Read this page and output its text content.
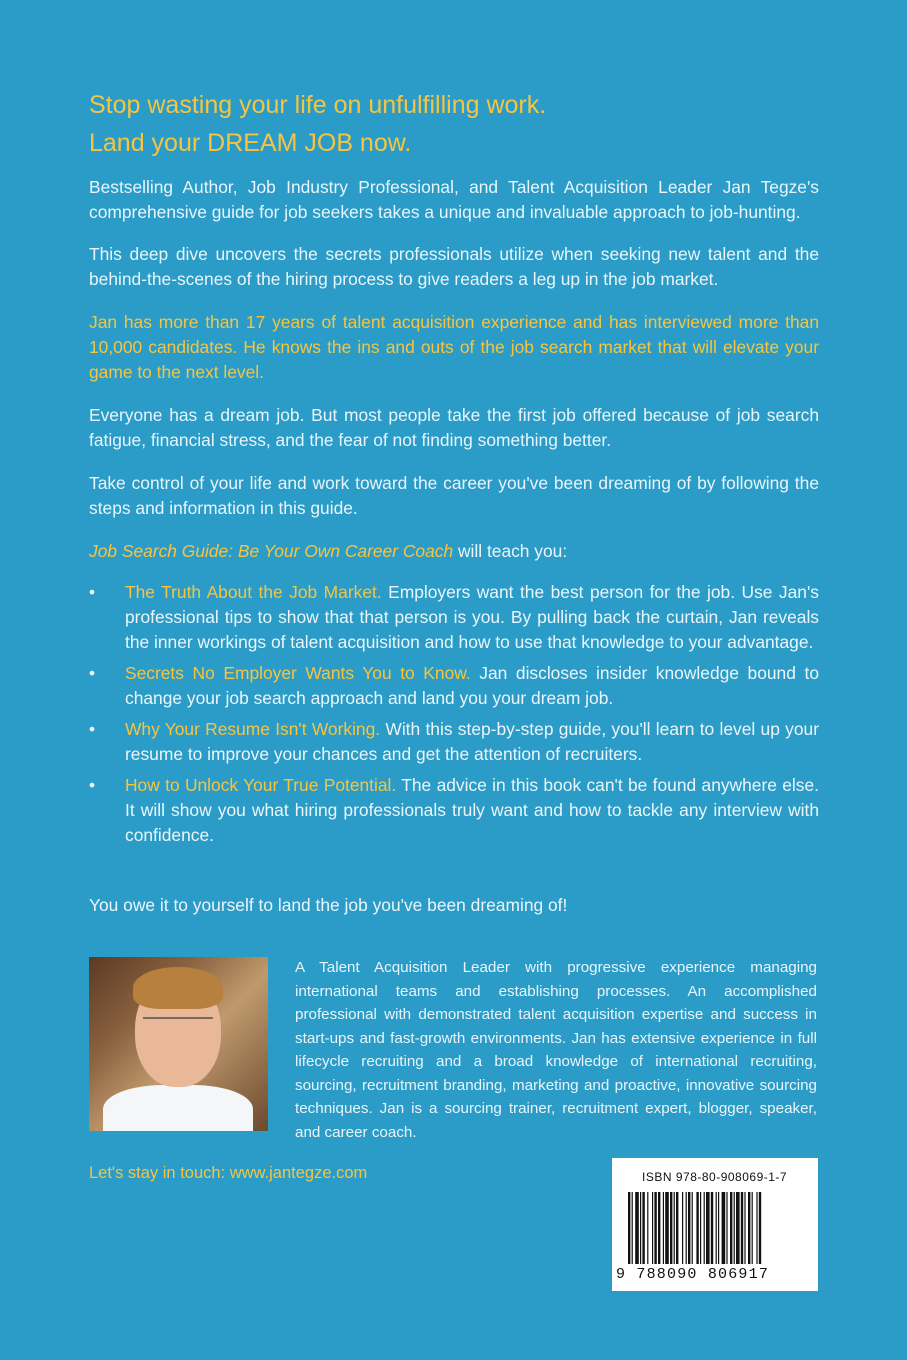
Stop wasting your life on unfulfilling work.
Land your DREAM JOB now.
Bestselling Author, Job Industry Professional, and Talent Acquisition Leader Jan Tegze's comprehensive guide for job seekers takes a unique and invaluable approach to job-hunting.
This deep dive uncovers the secrets professionals utilize when seeking new talent and the behind-the-scenes of the hiring process to give readers a leg up in the job market.
Jan has more than 17 years of talent acquisition experience and has interviewed more than 10,000 candidates. He knows the ins and outs of the job search market that will elevate your game to the next level.
Everyone has a dream job. But most people take the first job offered because of job search fatigue, financial stress, and the fear of not finding something better.
Take control of your life and work toward the career you've been dreaming of by following the steps and information in this guide.
Job Search Guide: Be Your Own Career Coach will teach you:
• The Truth About the Job Market. Employers want the best person for the job. Use Jan's professional tips to show that that person is you. By pulling back the curtain, Jan reveals the inner workings of talent acquisition and how to use that knowledge to your advantage.
• Secrets No Employer Wants You to Know. Jan discloses insider knowledge bound to change your job search approach and land you your dream job.
• Why Your Resume Isn't Working. With this step-by-step guide, you'll learn to level up your resume to improve your chances and get the attention of recruiters.
• How to Unlock Your True Potential. The advice in this book can't be found anywhere else. It will show you what hiring professionals truly want and how to tackle any interview with confidence.
You owe it to yourself to land the job you've been dreaming of!
A Talent Acquisition Leader with progressive experience managing international teams and establishing processes. An accomplished professional with demonstrated talent acquisition expertise and success in start-ups and fast-growth environments. Jan has extensive experience in full lifecycle recruiting and a broad knowledge of international recruiting, sourcing, recruitment branding, marketing and proactive, innovative sourcing techniques. Jan is a sourcing trainer, recruitment expert, blogger, speaker, and career coach.
Let's stay in touch: www.jantegze.com	ISBN 978-80-908069-1-7
9 788090 806917
